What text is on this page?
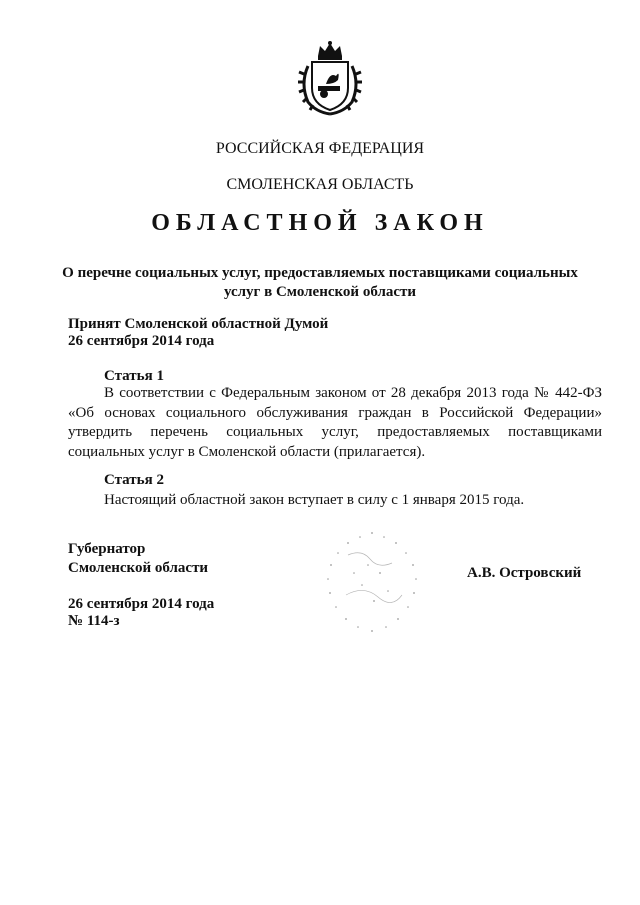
РОССИЙСКАЯ ФЕДЕРАЦИЯ
СМОЛЕНСКАЯ ОБЛАСТЬ
ОБЛАСТНОЙ ЗАКОН
О перечне социальных услуг, предоставляемых поставщиками социальных
услуг в Смоленской области
Принят Смоленской областной Думой
26 сентября 2014 года
Статья 1
В соответствии с Федеральным законом от 28 декабря 2013 года № 442-ФЗ «Об основах социального обслуживания граждан в Российской Федерации» утвердить перечень социальных услуг, предоставляемых поставщиками социальных услуг в Смоленской области (прилагается).
Статья 2
Настоящий областной закон вступает в силу с 1 января 2015 года.
Губернатор
Смоленской области	А.В. Островский
26 сентября 2014 года
№ 114-з
